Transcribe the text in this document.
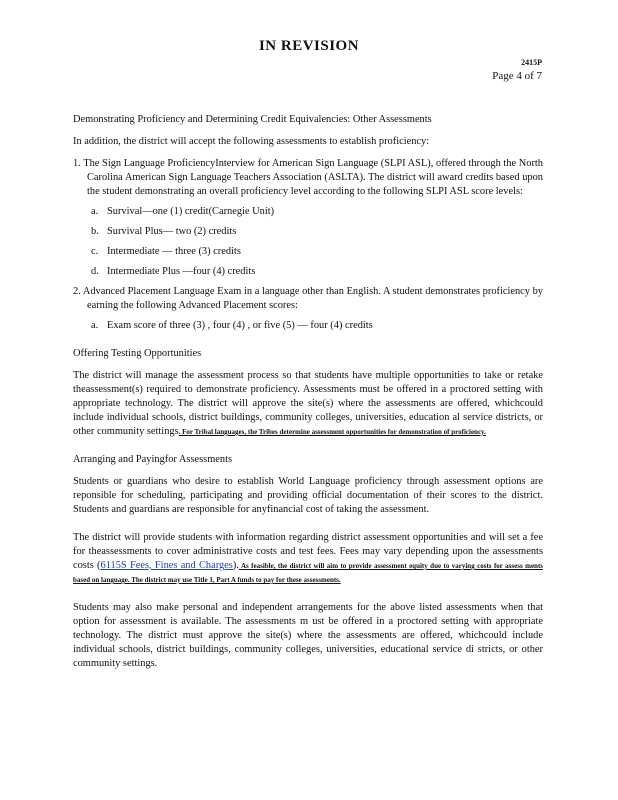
IN REVISION
2415P
Page 4 of 7

Demonstrating Proficiency and Determining Credit Equivalencies: Other Assessments

In addition, the district will accept the following assessments to establish proficiency:

1. The Sign Language ProficiencyInterview for American Sign Language (SLPI ASL), offered through the North Carolina American Sign Language Teachers Association (ASLTA). The district will award credits based upon the student demonstrating an overall proficiency level according to the following SLPI ASL score levels:

a. Survival—one (1) credit(Carnegie Unit)
b. Survival Plus— two (2) credits
c. Intermediate — three (3) credits
d. Intermediate Plus —four (4) credits

2. Advanced Placement Language Exam in a language other than English. A student demonstrates proficiency by earning the following Advanced Placement scores:

a. Exam score of three (3) , four (4) , or five (5) — four (4) credits

Offering Testing Opportunities

The district will manage the assessment process so that students have multiple opportunities to take or retake theassessment(s) required to demonstrate proficiency. Assessments must be offered in a proctored setting with appropriate technology. The district will approve the site(s) where the assessments are offered, whichcould include individual schools, district buildings, community colleges, universities, education al service districts, or other community settings. For Tribal languages, the Tribes determine assessment opportunities for demonstration of proficiency.

Arranging and Payingfor Assessments

Students or guardians who desire to establish World Language proficiency through assessment options are reponsible for scheduling, participating and providing official documentation of their scores to the district. Students and guardians are responsible for anyfinancial cost of taking the assessment.

The district will provide students with information regarding district assessment opportunities and will set a fee for theassessments to cover administrative costs and test fees. Fees may vary depending upon the assessments costs (6115S Fees, Fines and Charges). As feasible, the district will aim to provide assessment equity due to varying costs for assess ments based on language. The district may use Title 1, Part A funds to pay for these assessments.

Students may also make personal and independent arrangements for the above listed assessments when that option for assessment is available. The assessments m ust be offered in a proctored setting with appropriate technology. The district must approve the site(s) where the assessments are offered, whichcould include individual schools, district buildings, community colleges, universities, educational service di stricts, or other community settings.
